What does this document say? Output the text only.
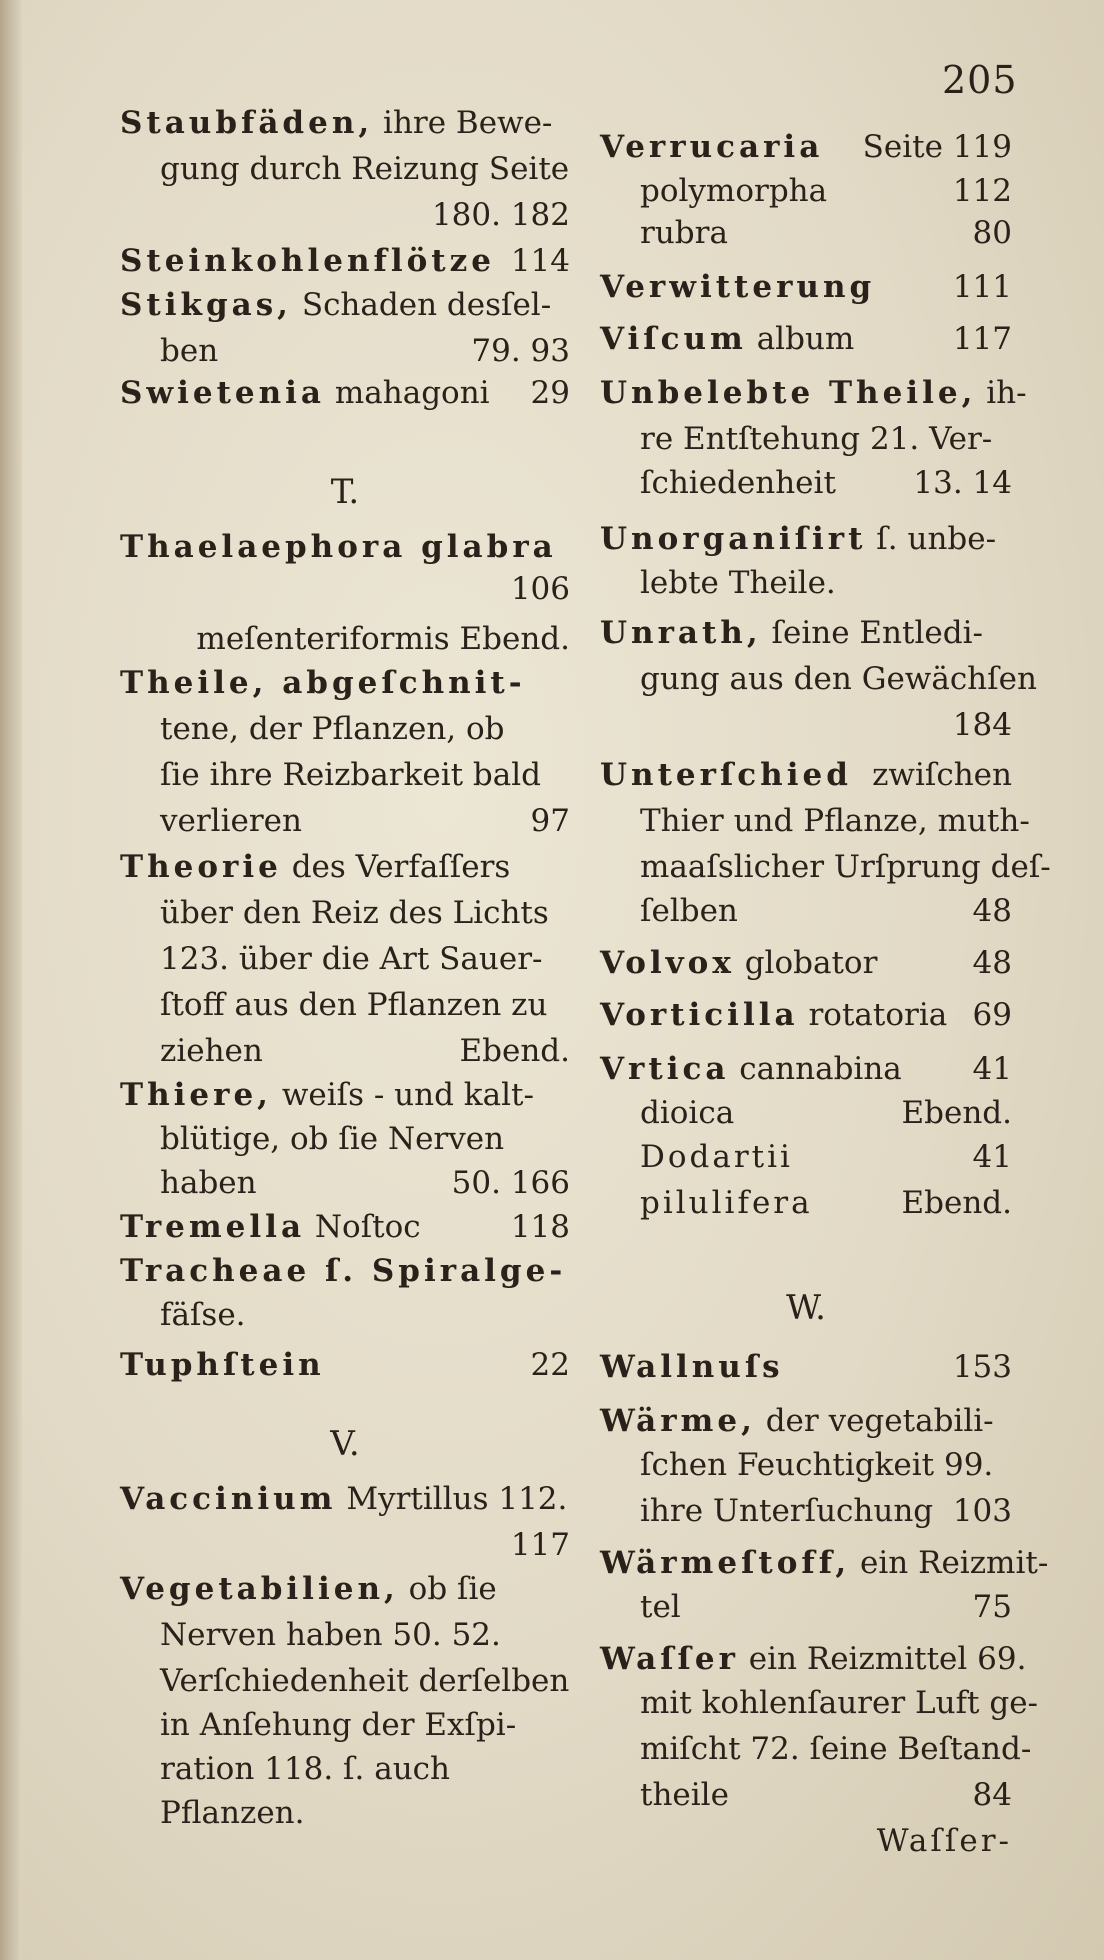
205
Staubfäden, ihre Bewe-
gung durch Reizung Seite
180. 182
Steinkohlenflötze 114
Stikgas, Schaden desſel-
ben	79. 93
Swietenia mahagoni 29
T.
Thaelaephora glabra
106
meſenteriformis Ebend.
Theile, abgeſchnit-
tene, der Pflanzen, ob
ſie ihre Reizbarkeit bald
verlieren	97
Theorie des Verfaſſers
über den Reiz des Lichts
123. über die Art Sauer-
ſtoff aus den Pflanzen zu
ziehen	Ebend.
Thiere, weiſs - und kalt-
blütige, ob ſie Nerven
haben	50. 166
Tremella Noſtoc	118
Tracheae ſ. Spiralge-
fäſse.
Tuphſtein	22
V.
Vaccinium Myrtillus 112.
117
Vegetabilien, ob ſie
Nerven haben 50. 52.
Verſchiedenheit derſelben
in Anſehung der Exſpi-
ration 118. ſ. auch
Pflanzen.
Verrucaria Seite 119
polymorpha	112
rubra	80
Verwitterung	111
Viſcum album	117
Unbelebte Theile, ih-
re Entſtehung 21. Ver-
ſchiedenheit 13. 14
Unorganiſirt ſ. unbe-
lebte Theile.
Unrath, ſeine Entledi-
gung aus den Gewächſen
184
Unterſchied zwiſchen
Thier und Pflanze, muth-
maaſslicher Urſprung deſ-
ſelben	48
Volvox globator	48
Vorticilla rotatoria 69
Vrtica cannabina 41
dioica	Ebend.
Dodartii	41
pilulifera	Ebend.
W.
Wallnuſs	153
Wärme, der vegetabili-
ſchen Feuchtigkeit 99.
ihre Unterſuchung 103
Wärmeſtoff, ein Reizmit-
tel	75
Waſſer ein Reizmittel 69.
mit kohlenſaurer Luft ge-
miſcht 72. ſeine Beſtand-
theile	84
Waſſer-
